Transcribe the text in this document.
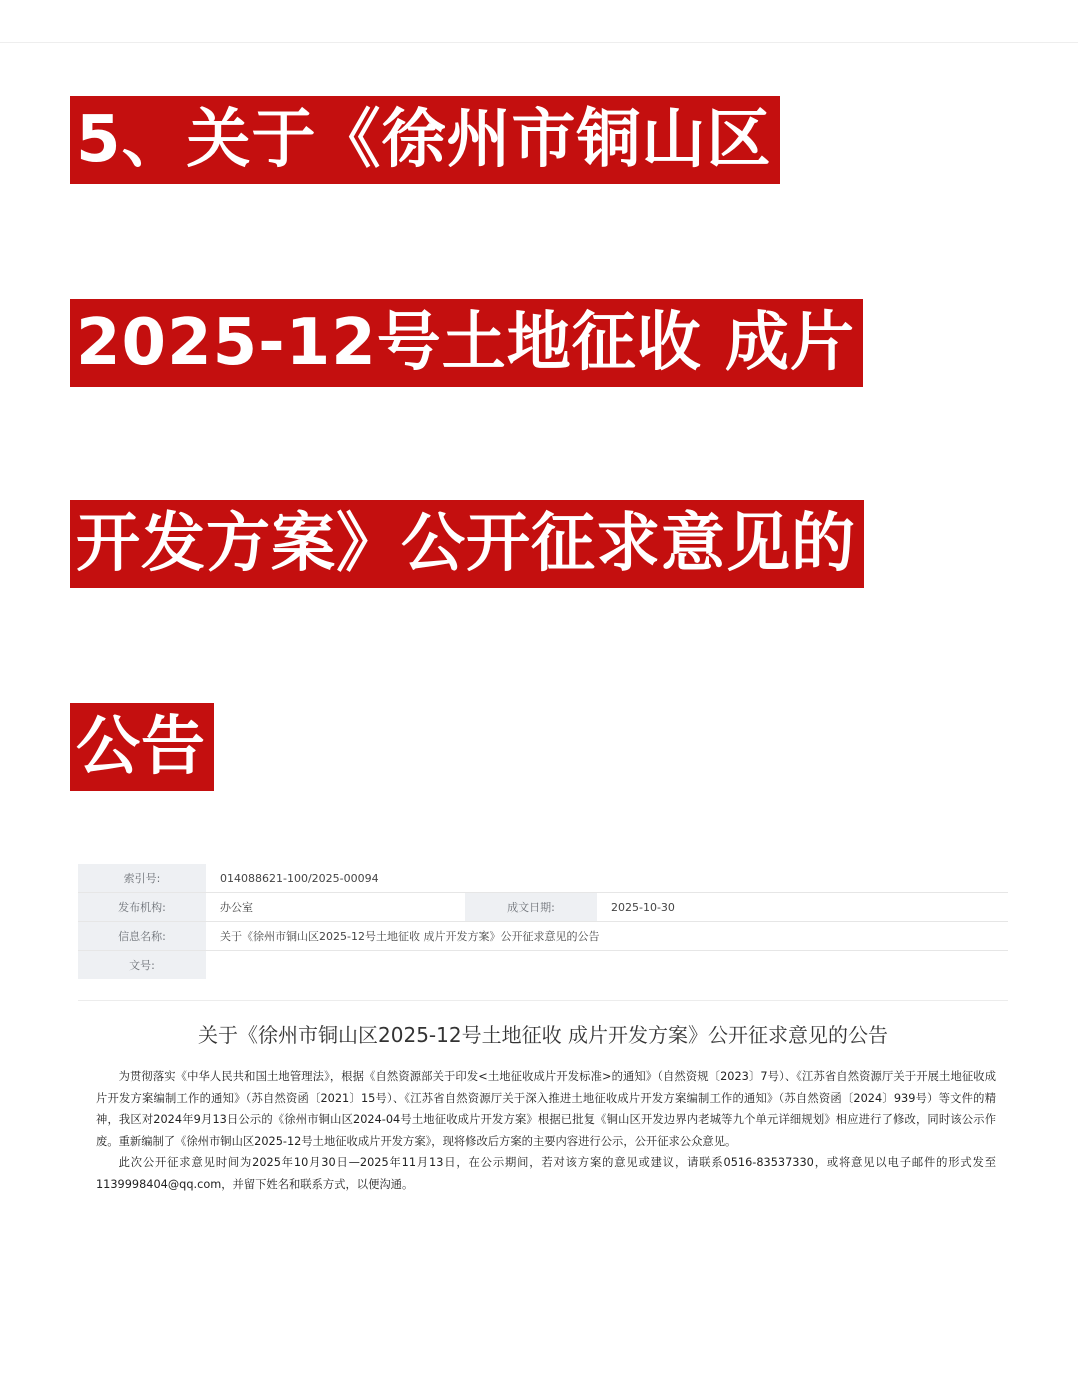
5、关于《徐州市铜山区
2025-12号土地征收 成片
开发方案》公开征求意见的
公告
索引号:	014088621-100/2025-00094		
发布机构:	办公室	成文日期:	2025-10-30
信息名称:	关于《徐州市铜山区2025-12号土地征收 成片开发方案》公开征求意见的公告		
文号:			
关于《徐州市铜山区2025-12号土地征收 成片开发方案》公开征求意见的公告

为贯彻落实《中华人民共和国土地管理法》，根据《自然资源部关于印发<土地征收成片开发标准>的通知》（自然资规〔2023〕7号）、《江苏省自然资源厅关于开展土地征收成片开发方案编制工作的通知》（苏自然资函〔2021〕15号）、《江苏省自然资源厅关于深入推进土地征收成片开发方案编制工作的通知》（苏自然资函〔2024〕939号）等文件的精神，我区对2024年9月13日公示的《徐州市铜山区2024-04号土地征收成片开发方案》根据已批复《铜山区开发边界内老城等九个单元详细规划》相应进行了修改，同时该公示作废。重新编制了《徐州市铜山区2025-12号土地征收成片开发方案》，现将修改后方案的主要内容进行公示，公开征求公众意见。

此次公开征求意见时间为2025年10月30日—2025年11月13日，在公示期间，若对该方案的意见或建议，请联系0516-83537330，或将意见以电子邮件的形式发至1139998404@qq.com，并留下姓名和联系方式，以便沟通。
